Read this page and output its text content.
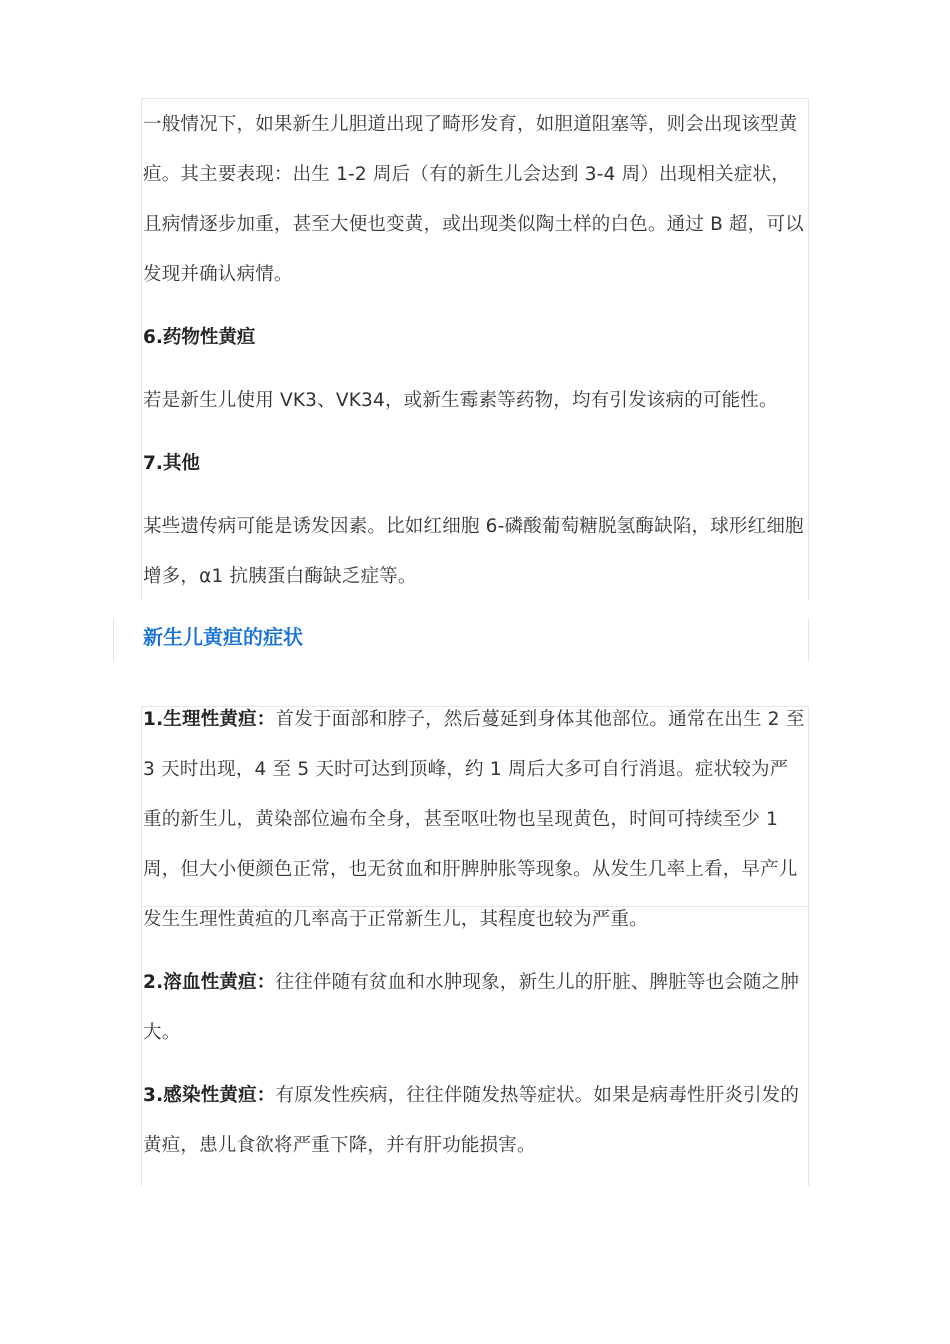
一般情况下，如果新生儿胆道出现了畸形发育，如胆道阻塞等，则会出现该型黄疸。其主要表现：出生 1-2 周后（有的新生儿会达到 3-4 周）出现相关症状，且病情逐步加重，甚至大便也变黄，或出现类似陶土样的白色。通过 B 超，可以发现并确认病情。

6.药物性黄疸

若是新生儿使用 VK3、VK34，或新生霉素等药物，均有引发该病的可能性。

7.其他

某些遗传病可能是诱发因素。比如红细胞 6-磷酸葡萄糖脱氢酶缺陷，球形红细胞增多，α1 抗胰蛋白酶缺乏症等。

新生儿黄疸的症状

1.生理性黄疸：首发于面部和脖子，然后蔓延到身体其他部位。通常在出生 2 至 3 天时出现，4 至 5 天时可达到顶峰，约 1 周后大多可自行消退。症状较为严重的新生儿，黄染部位遍布全身，甚至呕吐物也呈现黄色，时间可持续至少 1 周，但大小便颜色正常，也无贫血和肝脾肿胀等现象。从发生几率上看，早产儿发生生理性黄疸的几率高于正常新生儿，其程度也较为严重。

2.溶血性黄疸：往往伴随有贫血和水肿现象，新生儿的肝脏、脾脏等也会随之肿大。

3.感染性黄疸：有原发性疾病，往往伴随发热等症状。如果是病毒性肝炎引发的黄疸，患儿食欲将严重下降，并有肝功能损害。
